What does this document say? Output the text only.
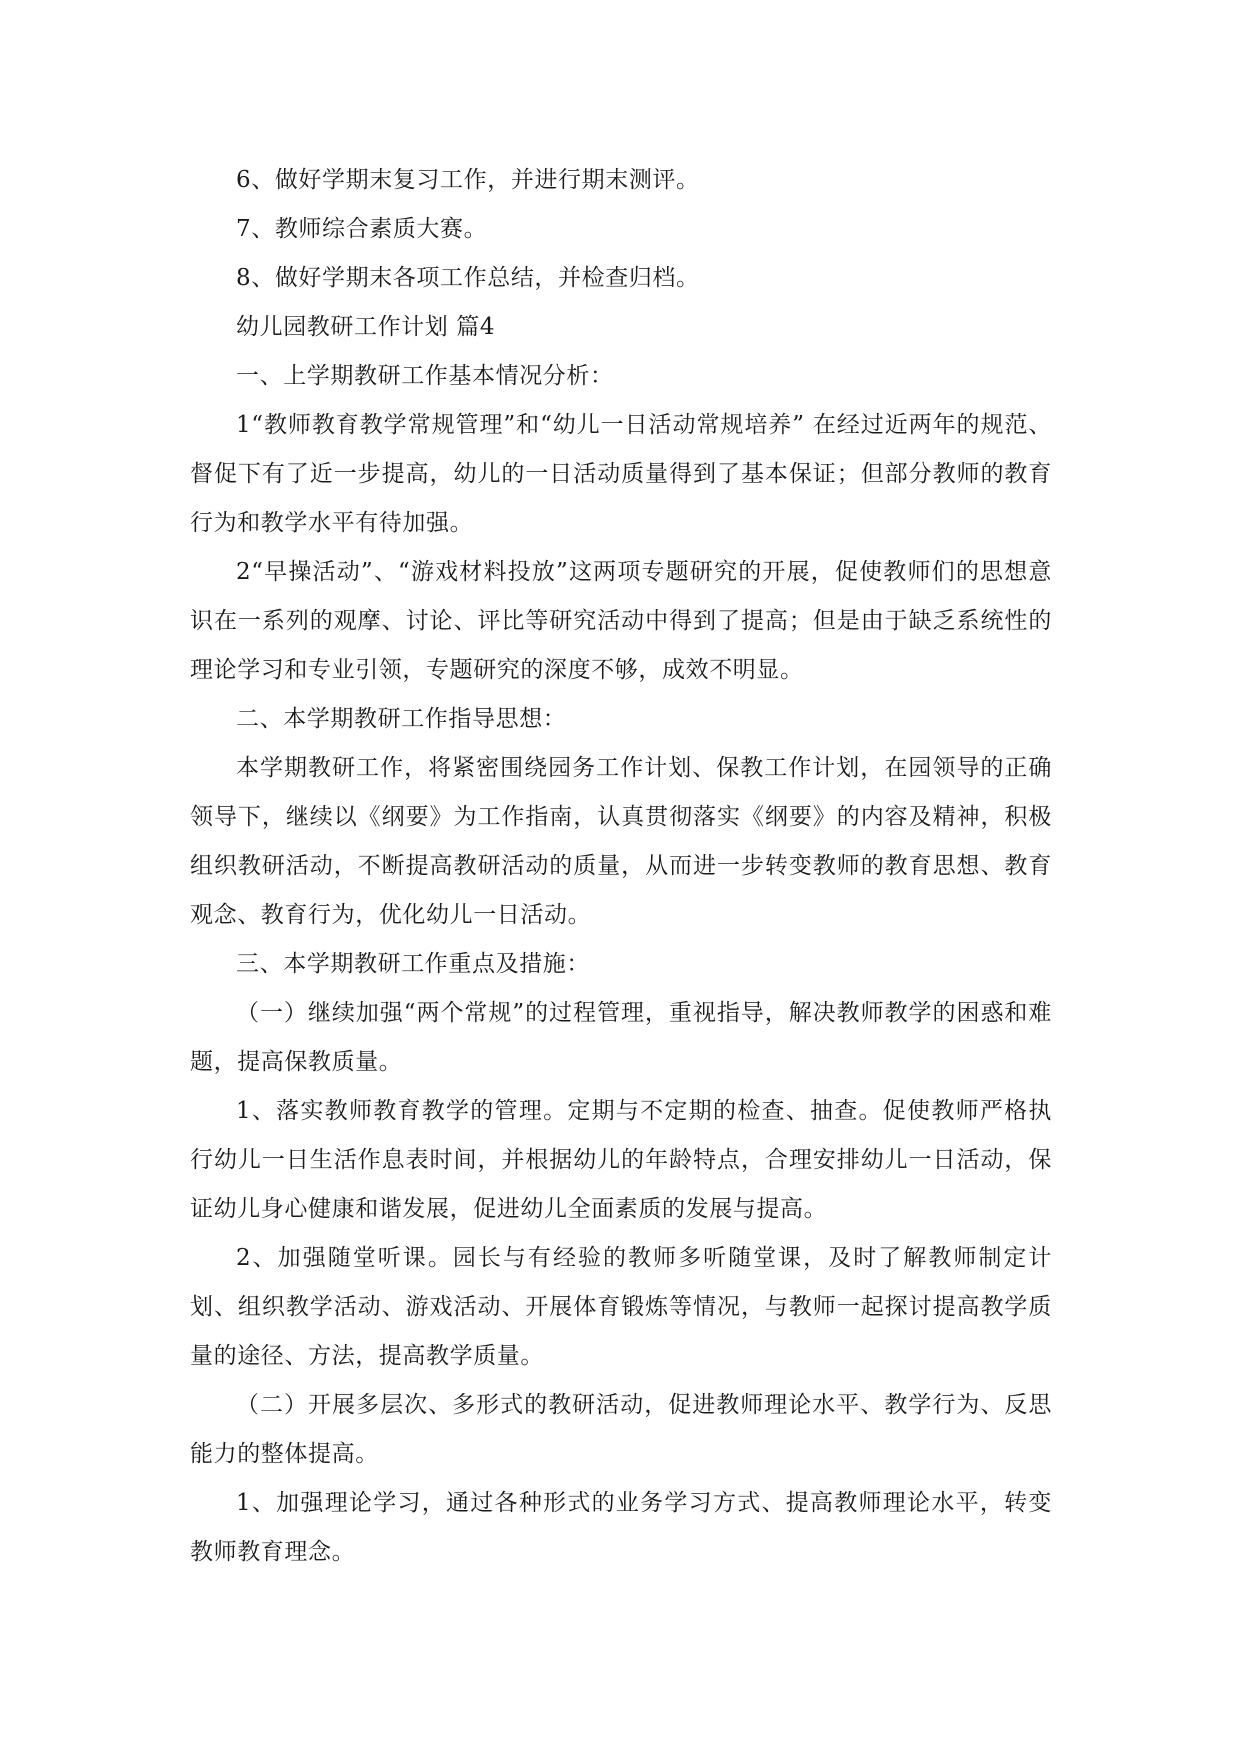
6、做好学期末复习工作，并进行期末测评。

7、教师综合素质大赛。

8、做好学期末各项工作总结，并检查归档。

幼儿园教研工作计划 篇4

一、上学期教研工作基本情况分析：

1“教师教育教学常规管理”和“幼儿一日活动常规培养” 在经过近两年的规范、督促下有了近一步提高，幼儿的一日活动质量得到了基本保证；但部分教师的教育行为和教学水平有待加强。

2“早操活动”、“游戏材料投放”这两项专题研究的开展，促使教师们的思想意识在一系列的观摩、讨论、评比等研究活动中得到了提高；但是由于缺乏系统性的理论学习和专业引领，专题研究的深度不够，成效不明显。

二、本学期教研工作指导思想：

本学期教研工作，将紧密围绕园务工作计划、保教工作计划，在园领导的正确领导下，继续以《纲要》为工作指南，认真贯彻落实《纲要》的内容及精神，积极组织教研活动，不断提高教研活动的质量，从而进一步转变教师的教育思想、教育观念、教育行为，优化幼儿一日活动。

三、本学期教研工作重点及措施：

（一）继续加强“两个常规”的过程管理，重视指导，解决教师教学的困惑和难题，提高保教质量。

1、落实教师教育教学的管理。定期与不定期的检查、抽查。促使教师严格执行幼儿一日生活作息表时间，并根据幼儿的年龄特点，合理安排幼儿一日活动，保证幼儿身心健康和谐发展，促进幼儿全面素质的发展与提高。

2、加强随堂听课。园长与有经验的教师多听随堂课，及时了解教师制定计划、组织教学活动、游戏活动、开展体育锻炼等情况，与教师一起探讨提高教学质量的途径、方法，提高教学质量。

（二）开展多层次、多形式的教研活动，促进教师理论水平、教学行为、反思能力的整体提高。

1、加强理论学习，通过各种形式的业务学习方式、提高教师理论水平，转变教师教育理念。
